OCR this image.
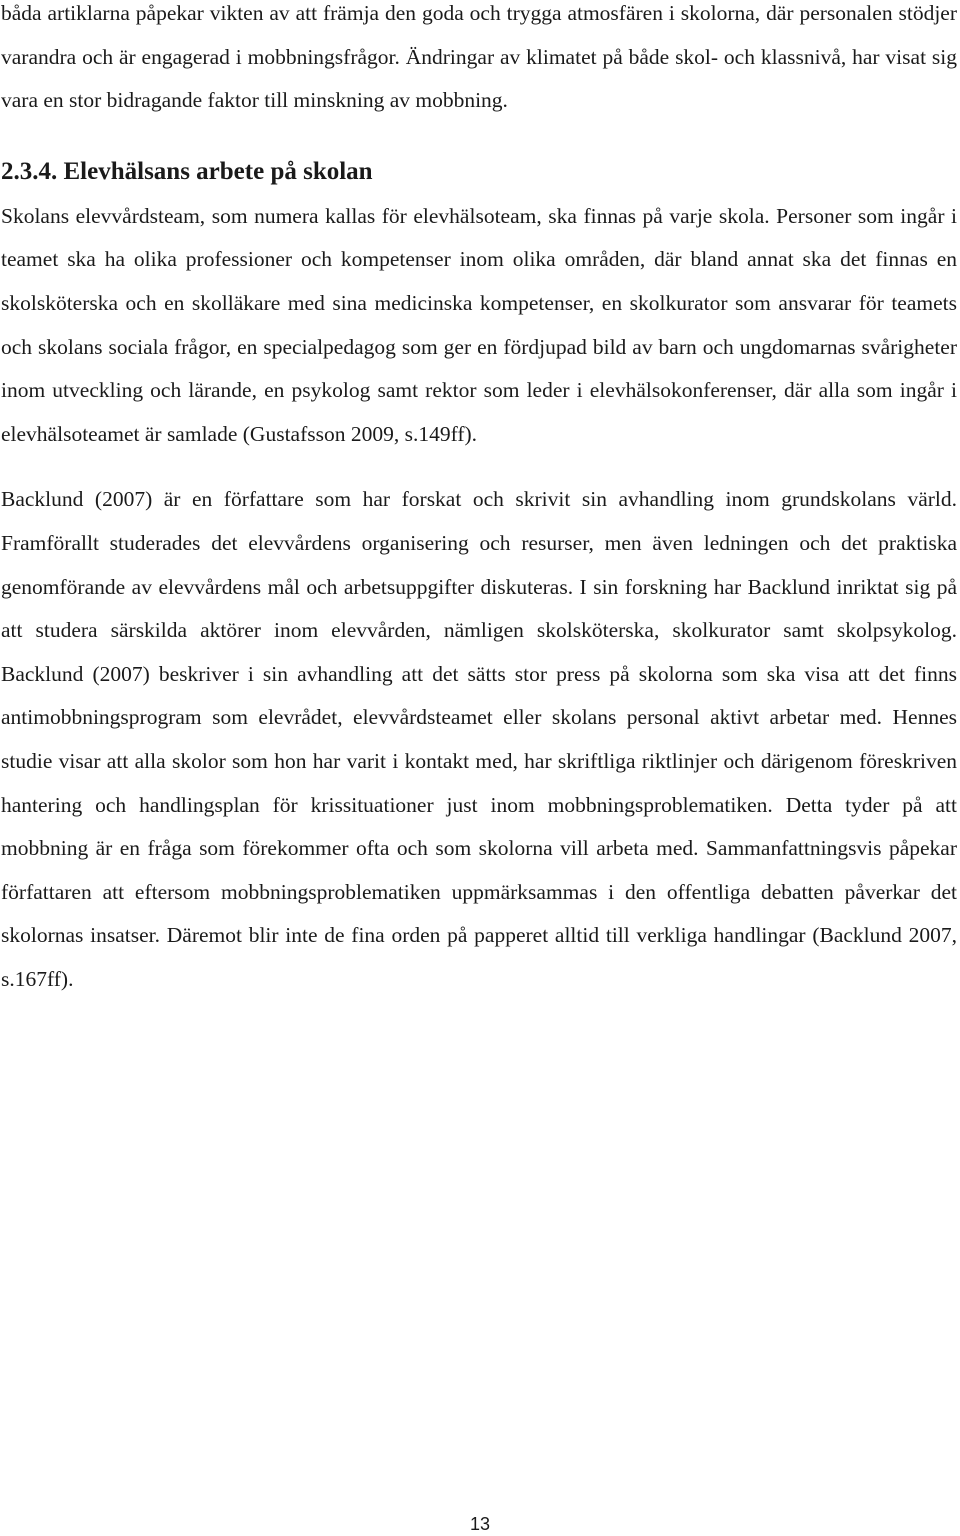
båda artiklarna påpekar vikten av att främja den goda och trygga atmosfären i skolorna, där personalen stödjer varandra och är engagerad i mobbningsfrågor. Ändringar av klimatet på både skol- och klassnivå, har visat sig vara en stor bidragande faktor till minskning av mobbning.

2.3.4. Elevhälsans arbete på skolan

Skolans elevvårdsteam, som numera kallas för elevhälsoteam, ska finnas på varje skola. Personer som ingår i teamet ska ha olika professioner och kompetenser inom olika områden, där bland annat ska det finnas en skolsköterska och en skolläkare med sina medicinska kompetenser, en skolkurator som ansvarar för teamets och skolans sociala frågor, en specialpedagog som ger en fördjupad bild av barn och ungdomarnas svårigheter inom utveckling och lärande, en psykolog samt rektor som leder i elevhälsokonferenser, där alla som ingår i elevhälsoteamet är samlade (Gustafsson 2009, s.149ff).

Backlund (2007) är en författare som har forskat och skrivit sin avhandling inom grundskolans värld. Framförallt studerades det elevvårdens organisering och resurser, men även ledningen och det praktiska genomförande av elevvårdens mål och arbetsuppgifter diskuteras. I sin forskning har Backlund inriktat sig på att studera särskilda aktörer inom elevvården, nämligen skolsköterska, skolkurator samt skolpsykolog. Backlund (2007) beskriver i sin avhandling att det sätts stor press på skolorna som ska visa att det finns antimobbningsprogram som elevrådet, elevvårdsteamet eller skolans personal aktivt arbetar med. Hennes studie visar att alla skolor som hon har varit i kontakt med, har skriftliga riktlinjer och därigenom föreskriven hantering och handlingsplan för krissituationer just inom mobbningsproblematiken. Detta tyder på att mobbning är en fråga som förekommer ofta och som skolorna vill arbeta med. Sammanfattningsvis påpekar författaren att eftersom mobbningsproblematiken uppmärksammas i den offentliga debatten påverkar det skolornas insatser. Däremot blir inte de fina orden på papperet alltid till verkliga handlingar (Backlund 2007, s.167ff).

13
